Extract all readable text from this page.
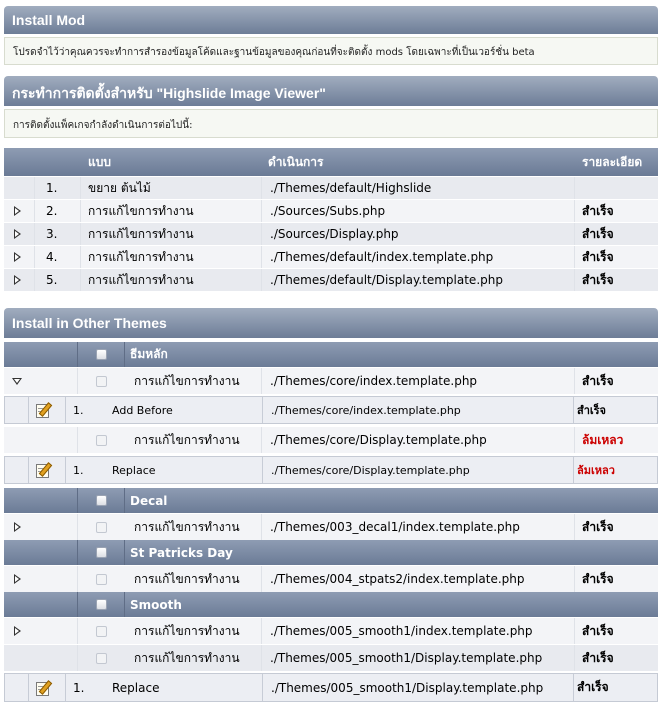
Install Mod
โปรดจำไว้ว่าคุณควรจะทำการสำรองข้อมูลโค้ดและฐานข้อมูลของคุณก่อนที่จะติดตั้ง mods โดยเฉพาะที่เป็นเวอร์ชั่น beta
กระทำการติดตั้งสำหรับ "Highslide Image Viewer"
การติดตั้งแพ็คเกจกำลังดำเนินการต่อไปนี้:
แบบ	ดำเนินการ	รายละเอียด
1.	ขยาย ต้นไม้	./Themes/default/Highslide
2.	การแก้ไขการทำงาน	./Sources/Subs.php	สำเร็จ
3.	การแก้ไขการทำงาน	./Sources/Display.php	สำเร็จ
4.	การแก้ไขการทำงาน	./Themes/default/index.template.php	สำเร็จ
5.	การแก้ไขการทำงาน	./Themes/default/Display.template.php	สำเร็จ
Install in Other Themes
ธีมหลัก
การแก้ไขการทำงาน	./Themes/core/index.template.php	สำเร็จ
1.	Add Before	./Themes/core/index.template.php	สำเร็จ
การแก้ไขการทำงาน	./Themes/core/Display.template.php	ล้มเหลว
1.	Replace	./Themes/core/Display.template.php	ล้มเหลว
Decal
การแก้ไขการทำงาน	./Themes/003_decal1/index.template.php	สำเร็จ
St Patricks Day
การแก้ไขการทำงาน	./Themes/004_stpats2/index.template.php	สำเร็จ
Smooth
การแก้ไขการทำงาน	./Themes/005_smooth1/index.template.php	สำเร็จ
การแก้ไขการทำงาน	./Themes/005_smooth1/Display.template.php	สำเร็จ
1. Replace	./Themes/005_smooth1/Display.template.php	สำเร็จ
